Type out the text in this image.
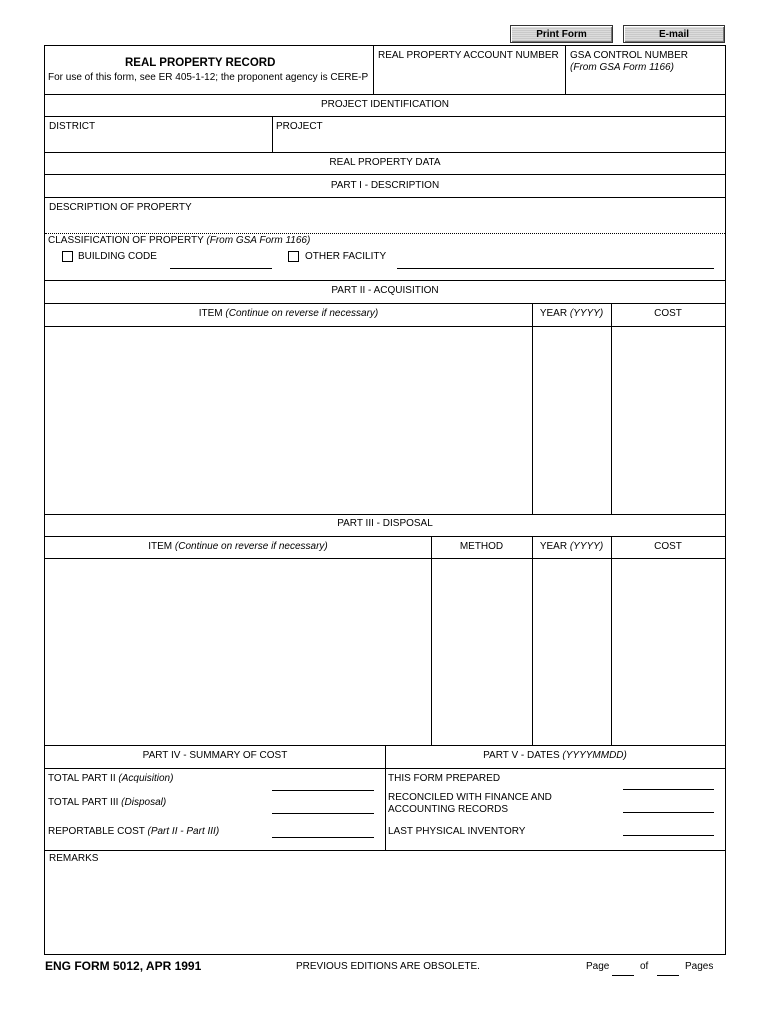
Print Form	E-mail
REAL PROPERTY RECORD
For use of this form, see ER 405-1-12; the proponent agency is CERE-P
REAL PROPERTY ACCOUNT NUMBER GSA CONTROL NUMBER
(From GSA Form 1166)
PROJECT IDENTIFICATION
DISTRICT	PROJECT
REAL PROPERTY DATA
PART I - DESCRIPTION
DESCRIPTION OF PROPERTY
CLASSIFICATION OF PROPERTY (From GSA Form 1166)
BUILDING CODE	OTHER FACILITY
PART II - ACQUISITION
ITEM (Continue on reverse if necessary)	YEAR (YYYY)	COST
PART III - DISPOSAL
ITEM (Continue on reverse if necessary)	METHOD	YEAR (YYYY)	COST
PART IV - SUMMARY OF COST	PART V - DATES (YYYYMMDD)
TOTAL PART II (Acquisition)
TOTAL PART III (Disposal)
REPORTABLE COST (Part II - Part III)
THIS FORM PREPARED
RECONCILED WITH FINANCE AND
ACCOUNTING RECORDS
LAST PHYSICAL INVENTORY
REMARKS
ENG FORM 5012, APR 1991	PREVIOUS EDITIONS ARE OBSOLETE.	Page	of	Pages
